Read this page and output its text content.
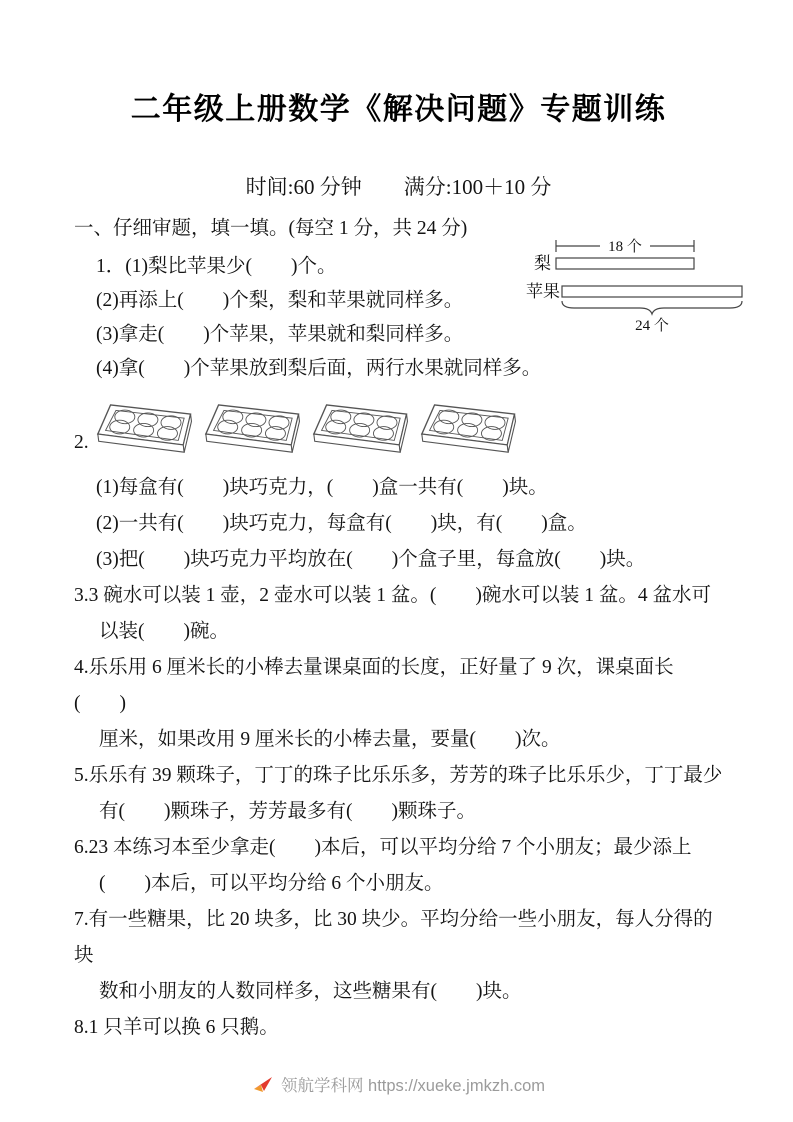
二年级上册数学《解决问题》专题训练
时间:60 分钟　　满分:100＋10 分
一、仔细审题，填一填。(每空 1 分，共 24 分)
18 个
梨
苹果
24 个
1．(1)梨比苹果少(　　)个。
(2)再添上(　　)个梨，梨和苹果就同样多。
(3)拿走(　　)个苹果，苹果就和梨同样多。
(4)拿(　　)个苹果放到梨后面，两行水果就同样多。
2.
(1)每盒有(　　)块巧克力，(　　)盒一共有(　　)块。
(2)一共有(　　)块巧克力，每盒有(　　)块，有(　　)盒。
(3)把(　　)块巧克力平均放在(　　)个盒子里，每盒放(　　)块。
3.3 碗水可以装 1 壶，2 壶水可以装 1 盆。(　　)碗水可以装 1 盆。4 盆水可
以装(　　)碗。
4.乐乐用 6 厘米长的小棒去量课桌面的长度，正好量了 9 次，课桌面长(　　)
厘米，如果改用 9 厘米长的小棒去量，要量(　　)次。
5.乐乐有 39 颗珠子，丁丁的珠子比乐乐多，芳芳的珠子比乐乐少，丁丁最少
有(　　)颗珠子，芳芳最多有(　　)颗珠子。
6.23 本练习本至少拿走(　　)本后，可以平均分给 7 个小朋友；最少添上
(　　)本后，可以平均分给 6 个小朋友。
7.有一些糖果，比 20 块多，比 30 块少。平均分给一些小朋友，每人分得的块
数和小朋友的人数同样多，这些糖果有(　　)块。
8.1 只羊可以换 6 只鹅。
领航学科网 https://xueke.jmkzh.com
